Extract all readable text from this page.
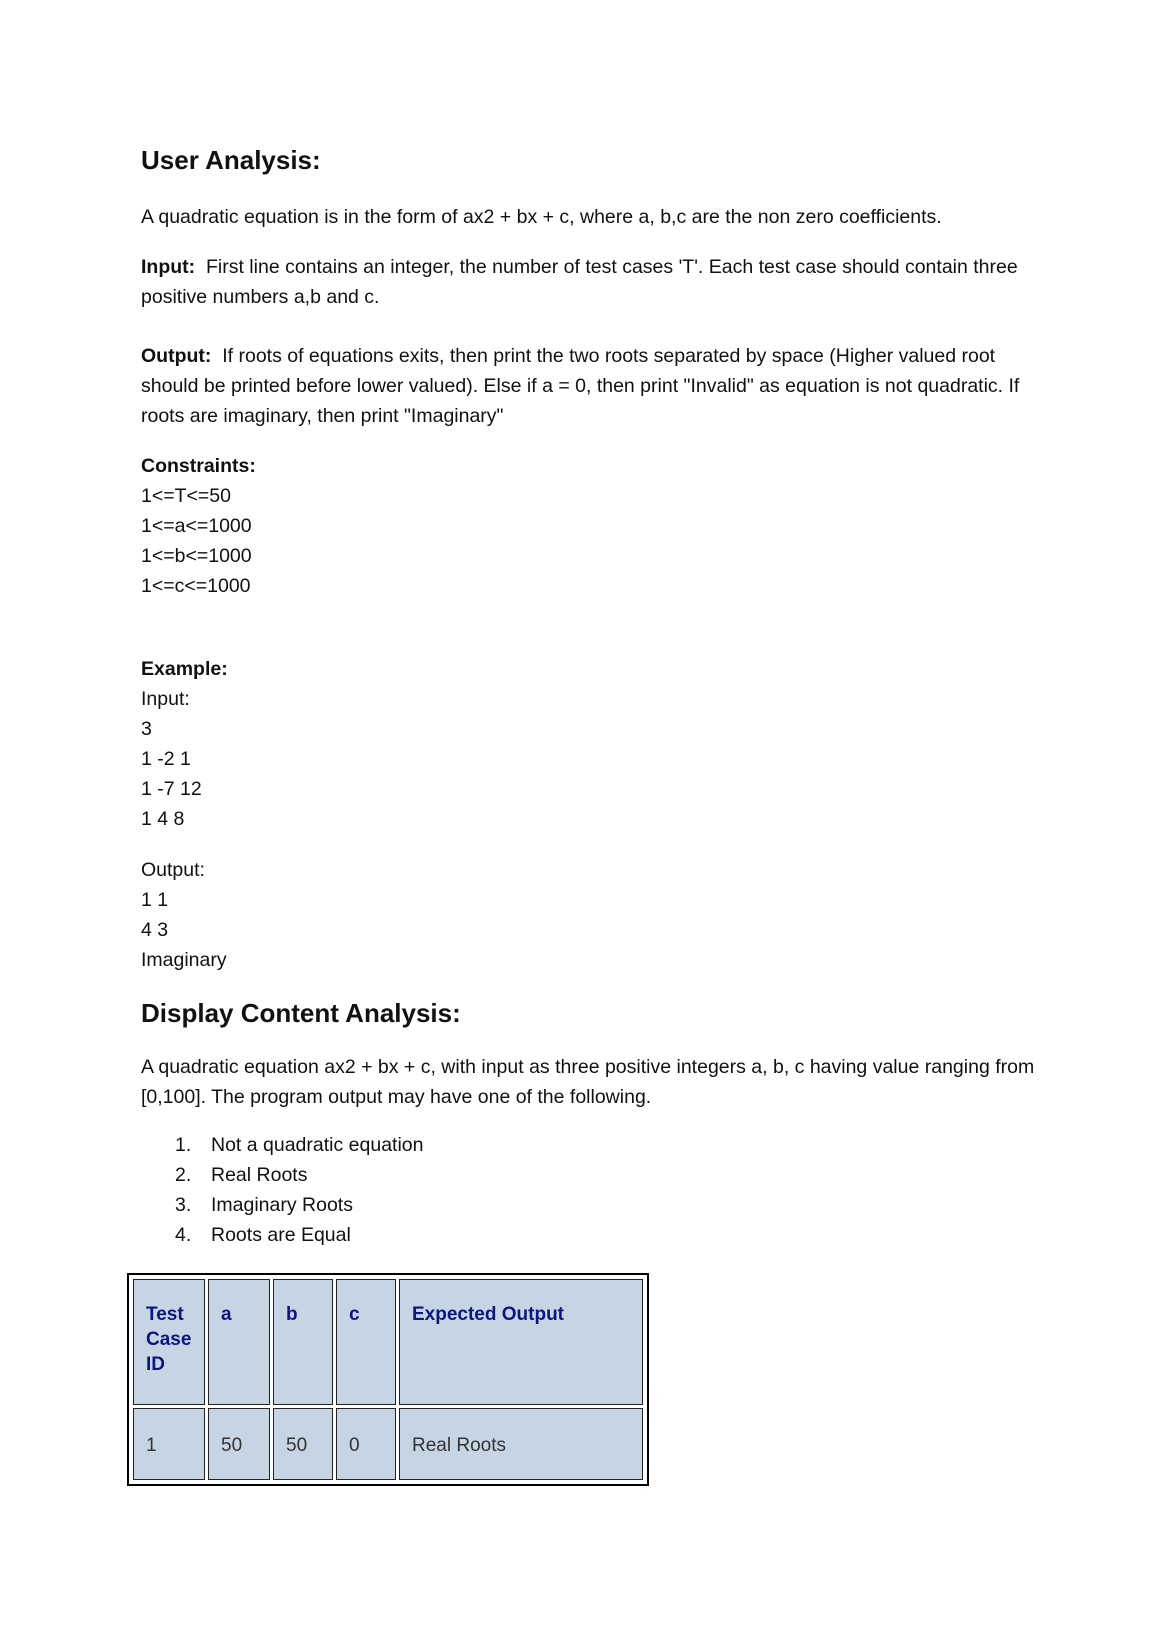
User Analysis:

A quadratic equation is in the form of ax2 + bx + c, where a, b,c are the non zero coefficients.

Input: First line contains an integer, the number of test cases 'T'. Each test case should contain three positive numbers a,b and c.

Output: If roots of equations exits, then print the two roots separated by space (Higher valued root should be printed before lower valued). Else if a = 0, then print "Invalid" as equation is not quadratic. If roots are imaginary, then print "Imaginary"

Constraints:
1<=T<=50
1<=a<=1000
1<=b<=1000
1<=c<=1000
Example:
Input:
3
1 -2 1
1 -7 12
1 4 8
Output:
1 1
4 3
Imaginary
Display Content Analysis:

A quadratic equation ax2 + bx + c, with input as three positive integers a, b, c having value ranging from [0,100]. The program output may have one of the following.

1.	Not a quadratic equation
2.	Real Roots
3.	Imaginary Roots
4.	Roots are Equal
Test Case ID	a	b	c	Expected Output
1	50	50	0	Real Roots
